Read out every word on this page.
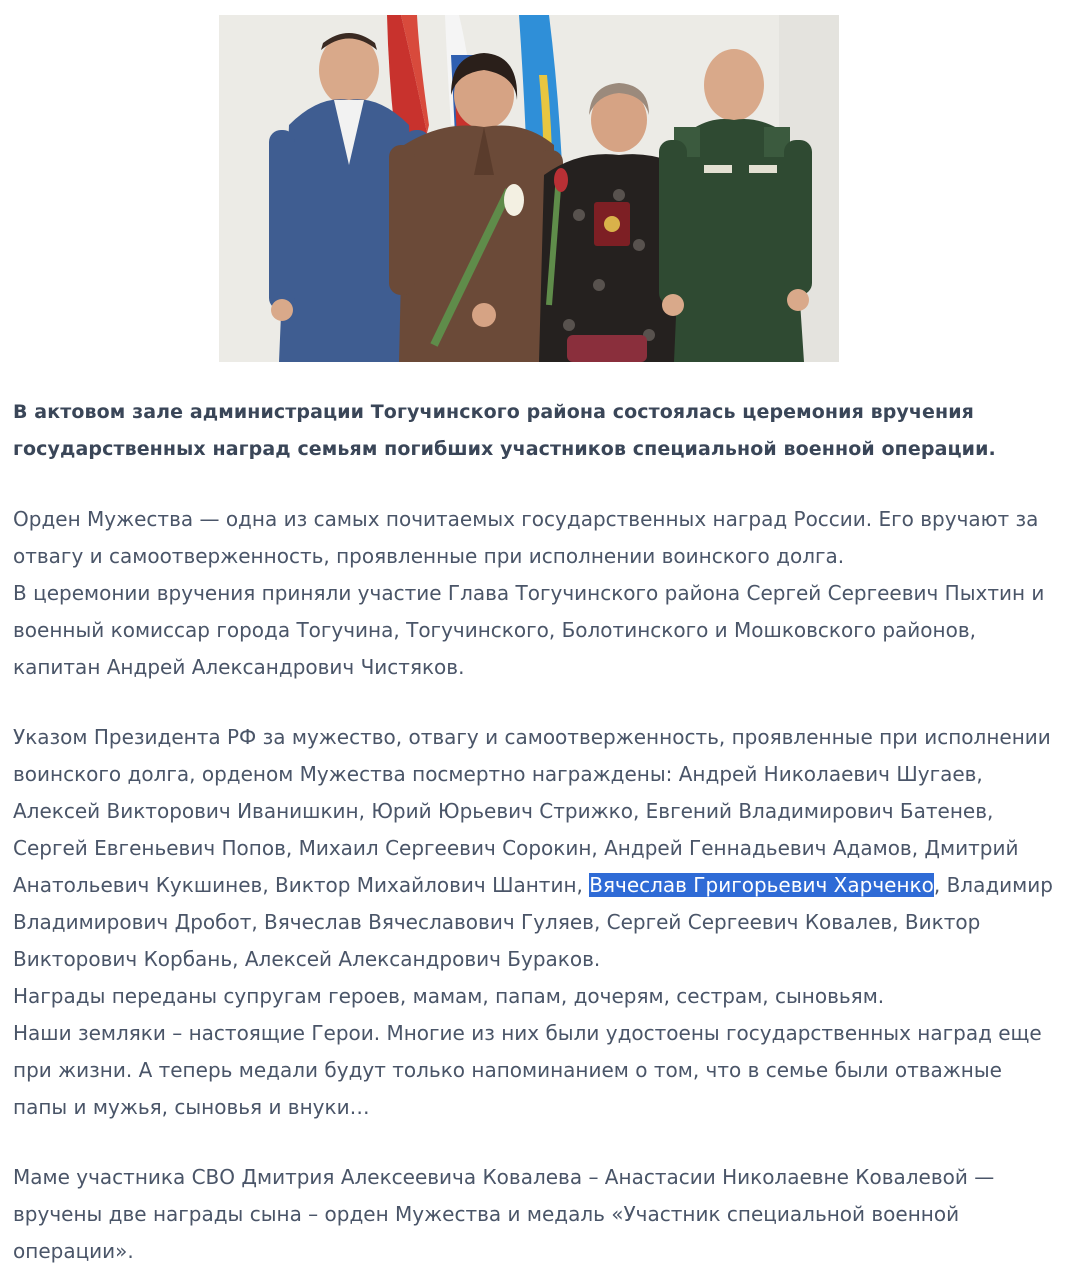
В актовом зале администрации Тогучинского района состоялась церемония вручения государственных наград семьям погибших участников специальной военной операции.

Орден Мужества — одна из самых почитаемых государственных наград России. Его вручают за
отвагу и самоотверженность, проявленные при исполнении воинского долга.
В церемонии вручения приняли участие Глава Тогучинского района Сергей Сергеевич Пыхтин и
военный комиссар города Тогучина, Тогучинского, Болотинского и Мошковского районов,
капитан Андрей Александрович Чистяков.

Указом Президента РФ за мужество, отвагу и самоотверженность, проявленные при исполнении
воинского долга, орденом Мужества посмертно награждены: Андрей Николаевич Шугаев,
Алексей Викторович Иванишкин, Юрий Юрьевич Стрижко, Евгений Владимирович Батенев,
Сергей Евгеньевич Попов, Михаил Сергеевич Сорокин, Андрей Геннадьевич Адамов, Дмитрий
Анатольевич Кукшинев, Виктор Михайлович Шантин, Вячеслав Григорьевич Харченко, Владимир
Владимирович Дробот, Вячеслав Вячеславович Гуляев, Сергей Сергеевич Ковалев, Виктор
Викторович Корбань, Алексей Александрович Бураков.
Награды переданы супругам героев, мамам, папам, дочерям, сестрам, сыновьям.
Наши земляки – настоящие Герои. Многие из них были удостоены государственных наград еще
при жизни. А теперь медали будут только напоминанием о том, что в семье были отважные
папы и мужья, сыновья и внуки…

Маме участника СВО Дмитрия Алексеевича Ковалева – Анастасии Николаевне Ковалевой —
вручены две награды сына – орден Мужества и медаль «Участник специальной военной
операции».
